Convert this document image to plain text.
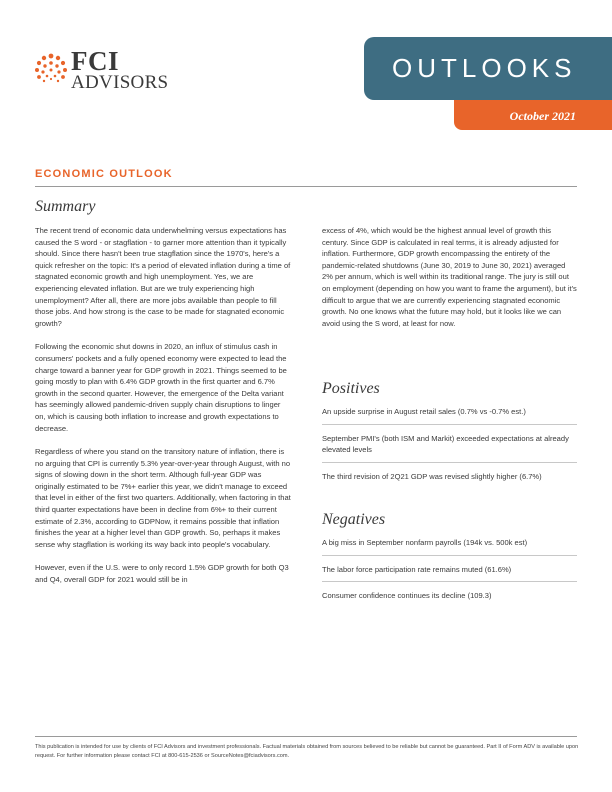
FCI
ADVISORS	OUTLOOKS
October 2021
ECONOMIC OUTLOOK
Summary

The recent trend of economic data underwhelming versus expectations has caused the S word - or stagflation - to garner more attention than it typically should. Since there hasn't been true stagflation since the 1970's, here's a quick refresher on the topic: It's a period of elevated inflation during a time of stagnated economic growth and high unemployment. Yes, we are experiencing elevated inflation. But are we truly experiencing high unemployment? After all, there are more jobs available than people to fill those jobs. And how strong is the case to be made for stagnated economic growth?

Following the economic shut downs in 2020, an influx of stimulus cash in consumers' pockets and a fully opened economy were expected to lead the charge toward a banner year for GDP growth in 2021. Things seemed to be going mostly to plan with 6.4% GDP growth in the first quarter and 6.7% growth in the second quarter. However, the emergence of the Delta variant has seemingly allowed pandemic-driven supply chain disruptions to linger on, which is causing both inflation to increase and growth expectations to decrease.

Regardless of where you stand on the transitory nature of inflation, there is no arguing that CPI is currently 5.3% year-over-year through August, with no signs of slowing down in the short term. Although full-year GDP was originally estimated to be 7%+ earlier this year, we didn't manage to exceed that level in either of the first two quarters. Additionally, when factoring in that third quarter expectations have been in decline from 6%+ to their current estimate of 2.3%, according to GDPNow, it remains possible that inflation finishes the year at a higher level than GDP growth. So, perhaps it makes sense why stagflation is working its way back into people's vocabulary.

However, even if the U.S. were to only record 1.5% GDP growth for both Q3 and Q4, overall GDP for 2021 would still be in

excess of 4%, which would be the highest annual level of growth this century. Since GDP is calculated in real terms, it is already adjusted for inflation. Furthermore, GDP growth encompassing the entirety of the pandemic-related shutdowns (June 30, 2019 to June 30, 2021) averaged 2% per annum, which is well within its traditional range. The jury is still out on employment (depending on how you want to frame the argument), but it's difficult to argue that we are currently experiencing stagnated economic growth. No one knows what the future may hold, but it looks like we can avoid using the S word, at least for now.

Positives
An upside surprise in August retail sales (0.7% vs -0.7% est.)
September PMI's (both ISM and Markit) exceeded expectations at already elevated levels
The third revision of 2Q21 GDP was revised slightly higher (6.7%)
Negatives
A big miss in September nonfarm payrolls (194k vs. 500k est)
The labor force participation rate remains muted (61.6%)
Consumer confidence continues its decline (109.3)
This publication is intended for use by clients of FCI Advisors and investment professionals. Factual materials obtained from sources believed to be reliable but cannot be guaranteed. Part II of Form ADV is available upon request. For further information please contact FCI at 800-615-2536 or SourceNotes@fciadvisors.com.
